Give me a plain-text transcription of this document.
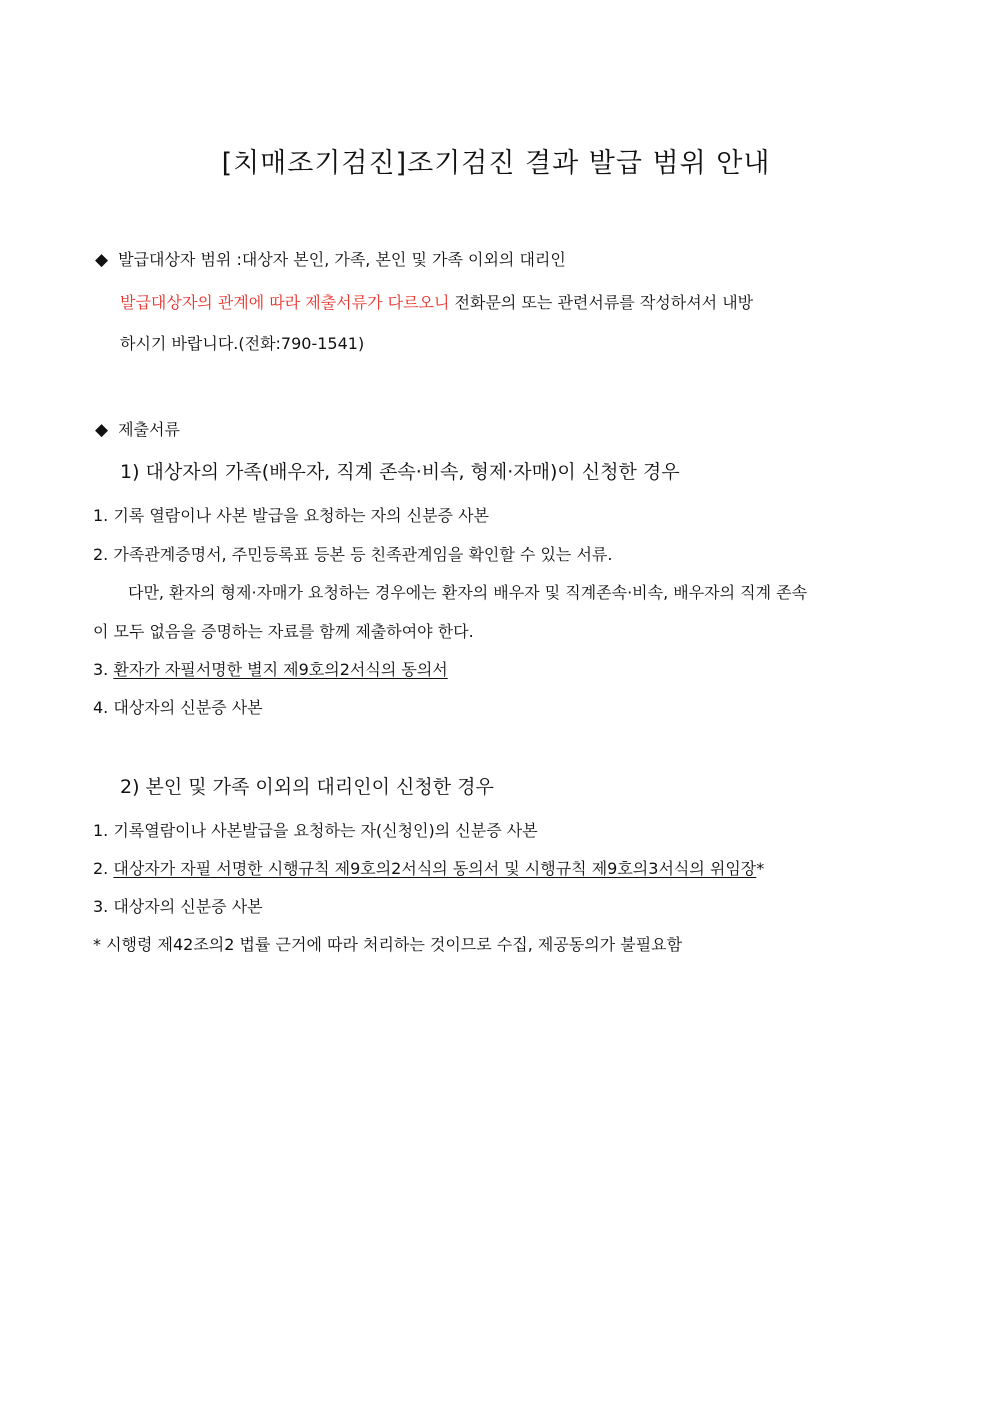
[치매조기검진]조기검진 결과 발급 범위 안내
◆ 발급대상자 범위 :대상자 본인, 가족, 본인 및 가족 이외의 대리인
발급대상자의 관계에 따라 제출서류가 다르오니 전화문의 또는 관련서류를 작성하셔서 내방
하시기 바랍니다.(전화:790-1541)
◆ 제출서류
1) 대상자의 가족(배우자, 직계 존속·비속, 형제·자매)이 신청한 경우
1. 기록 열람이나 사본 발급을 요청하는 자의 신분증 사본
2. 가족관계증명서, 주민등록표 등본 등 친족관계임을 확인할 수 있는 서류.
다만, 환자의 형제·자매가 요청하는 경우에는 환자의 배우자 및 직계존속·비속, 배우자의 직계 존속
이 모두 없음을 증명하는 자료를 함께 제출하여야 한다.
3. 환자가 자필서명한 별지 제9호의2서식의 동의서
4. 대상자의 신분증 사본
2) 본인 및 가족 이외의 대리인이 신청한 경우
1. 기록열람이나 사본발급을 요청하는 자(신청인)의 신분증 사본
2. 대상자가 자필 서명한 시행규칙 제9호의2서식의 동의서 및 시행규칙 제9호의3서식의 위임장*
3. 대상자의 신분증 사본
* 시행령 제42조의2 법률 근거에 따라 처리하는 것이므로 수집, 제공동의가 불필요함
